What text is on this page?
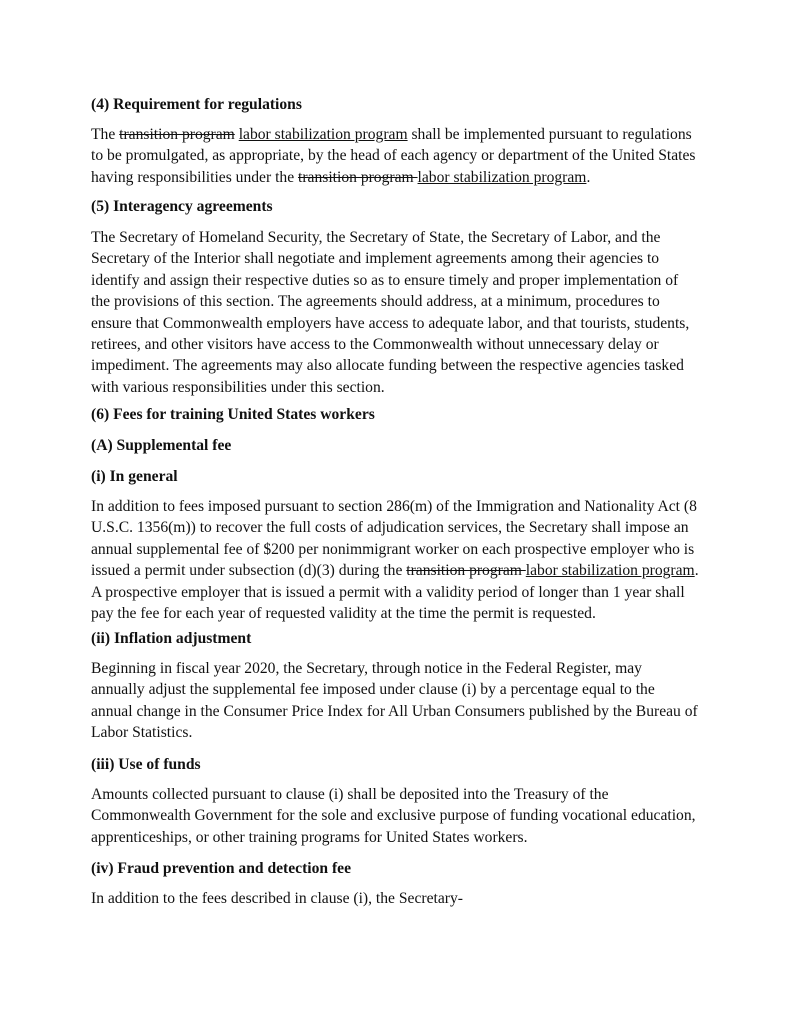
(4) Requirement for regulations

The transition program labor stabilization program shall be implemented pursuant to regulations
to be promulgated, as appropriate, by the head of each agency or department of the United States
having responsibilities under the transition program labor stabilization program.

(5) Interagency agreements

The Secretary of Homeland Security, the Secretary of State, the Secretary of Labor, and the
Secretary of the Interior shall negotiate and implement agreements among their agencies to
identify and assign their respective duties so as to ensure timely and proper implementation of
the provisions of this section. The agreements should address, at a minimum, procedures to
ensure that Commonwealth employers have access to adequate labor, and that tourists, students,
retirees, and other visitors have access to the Commonwealth without unnecessary delay or
impediment. The agreements may also allocate funding between the respective agencies tasked
with various responsibilities under this section.

(6) Fees for training United States workers

(A) Supplemental fee

(i) In general

In addition to fees imposed pursuant to section 286(m) of the Immigration and Nationality Act (8
U.S.C. 1356(m)) to recover the full costs of adjudication services, the Secretary shall impose an
annual supplemental fee of $200 per nonimmigrant worker on each prospective employer who is
issued a permit under subsection (d)(3) during the transition program labor stabilization program.
A prospective employer that is issued a permit with a validity period of longer than 1 year shall
pay the fee for each year of requested validity at the time the permit is requested.

(ii) Inflation adjustment

Beginning in fiscal year 2020, the Secretary, through notice in the Federal Register, may
annually adjust the supplemental fee imposed under clause (i) by a percentage equal to the
annual change in the Consumer Price Index for All Urban Consumers published by the Bureau of
Labor Statistics.

(iii) Use of funds

Amounts collected pursuant to clause (i) shall be deposited into the Treasury of the
Commonwealth Government for the sole and exclusive purpose of funding vocational education,
apprenticeships, or other training programs for United States workers.

(iv) Fraud prevention and detection fee

In addition to the fees described in clause (i), the Secretary-
